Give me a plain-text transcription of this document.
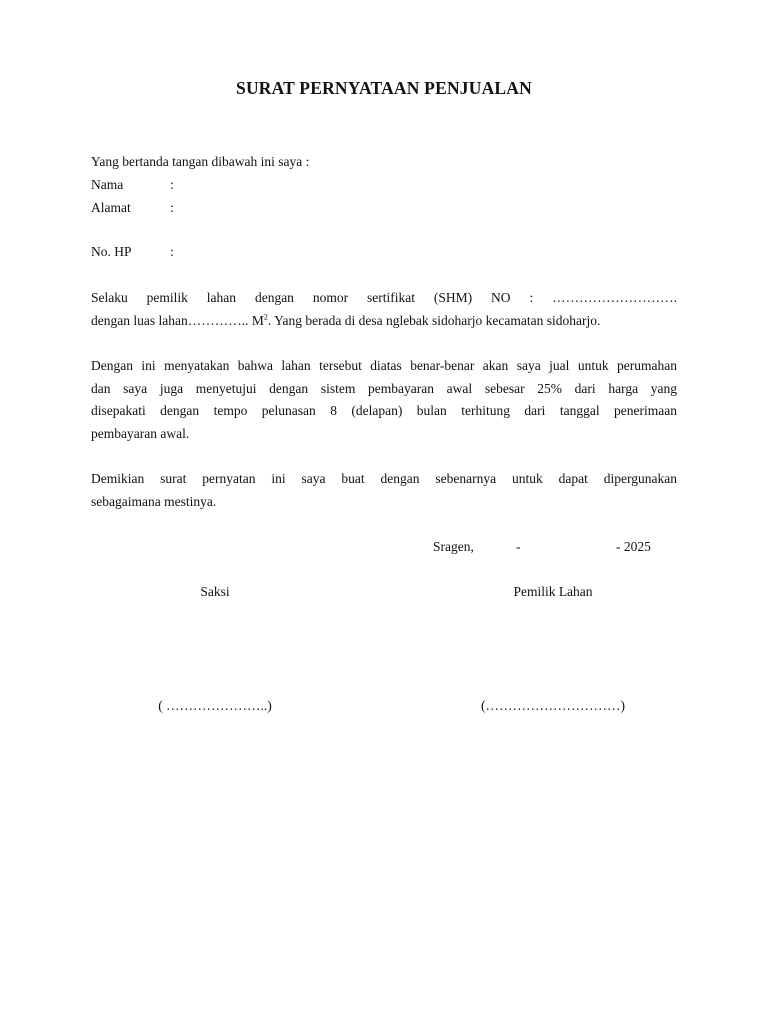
SURAT PERNYATAAN PENJUALAN
Yang bertanda tangan dibawah ini saya :
Nama	:
Alamat	:
No. HP	:
Selaku pemilik lahan dengan nomor sertifikat (SHM) NO : ……………………….
dengan luas lahan………….. $M^2$. Yang berada di desa nglebak sidoharjo kecamatan sidoharjo.
Dengan ini menyatakan bahwa lahan tersebut diatas benar-benar akan saya jual untuk perumahan
dan saya juga menyetujui dengan sistem pembayaran awal sebesar 25% dari harga yang
disepakati dengan tempo pelunasan 8 (delapan) bulan terhitung dari tanggal penerimaan
pembayaran awal.
Demikian surat pernyatan ini saya buat dengan sebenarnya untuk dapat dipergunakan
sebagaimana mestinya.
Sragen,	-	- 2025
Saksi	Pemilik Lahan
( …………………..)	(…………………………)
